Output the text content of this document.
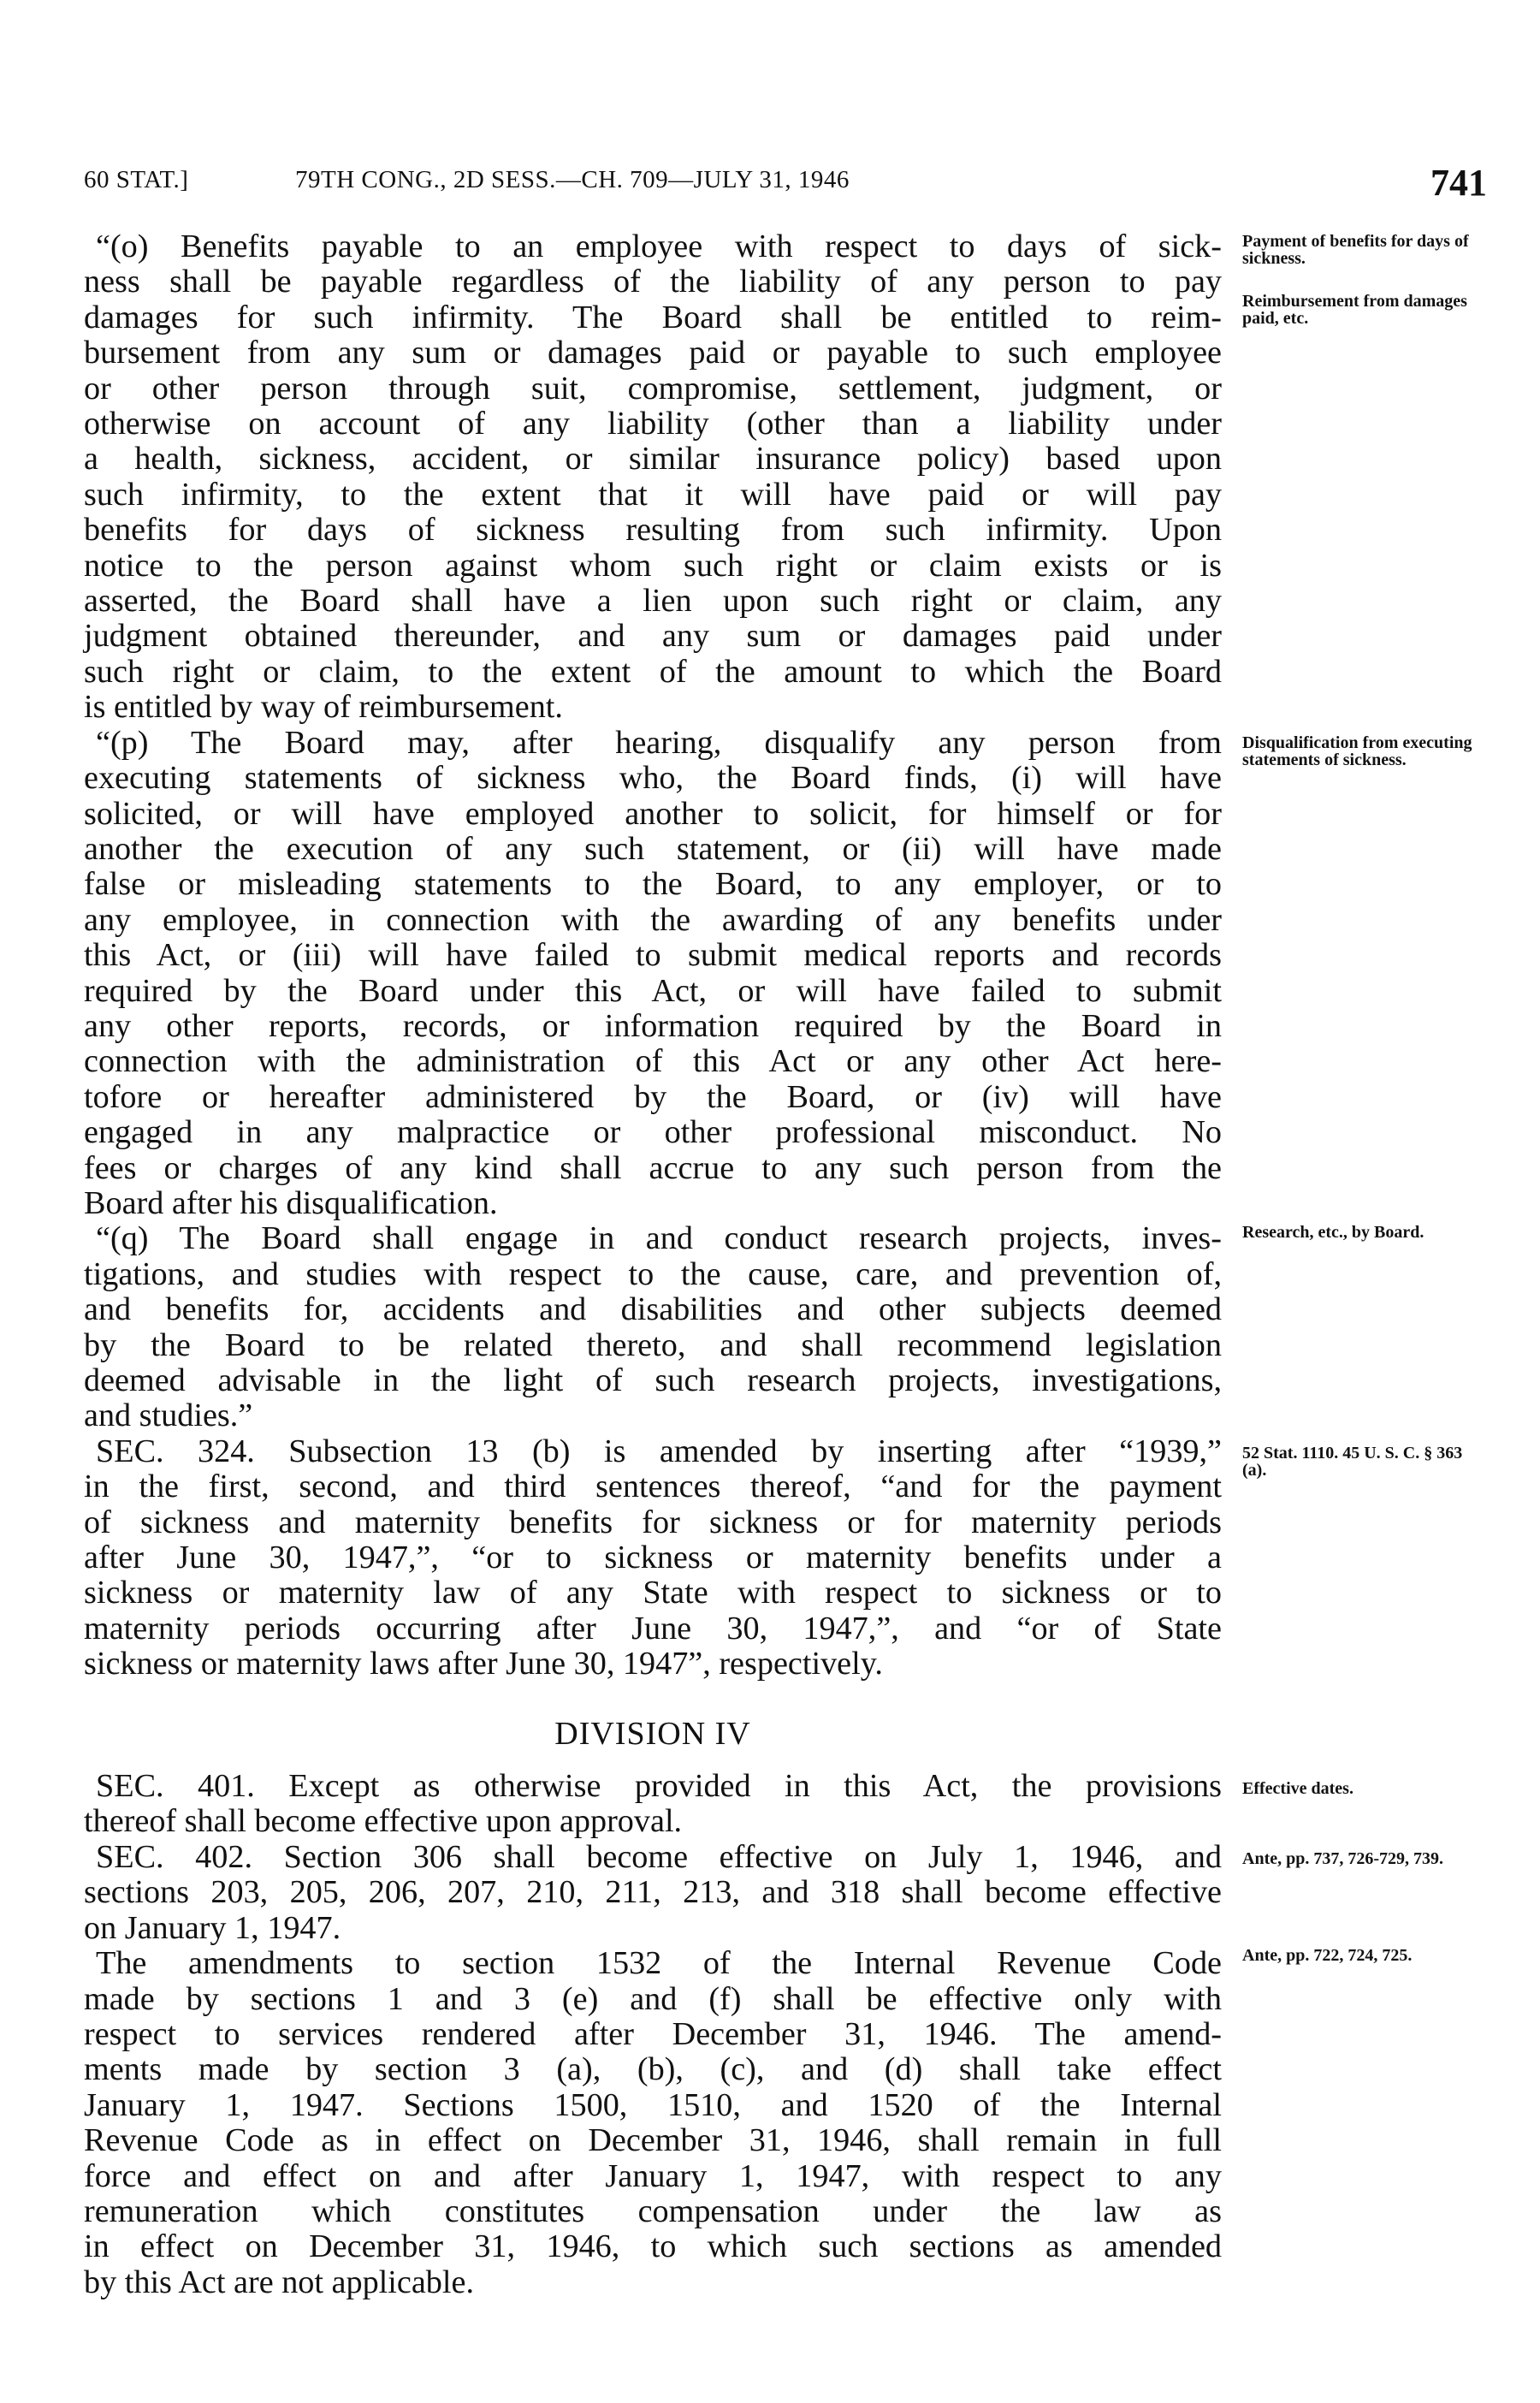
60 STAT.]	79TH CONG., 2D SESS.—CH. 709—JULY 31, 1946	741
“(o) Benefits payable to an employee with respect to days of sick-
ness shall be payable regardless of the liability of any person to pay
damages for such infirmity. The Board shall be entitled to reim-
bursement from any sum or damages paid or payable to such employee
or other person through suit, compromise, settlement, judgment, or
otherwise on account of any liability (other than a liability under
a health, sickness, accident, or similar insurance policy) based upon
such infirmity, to the extent that it will have paid or will pay
benefits for days of sickness resulting from such infirmity. Upon
notice to the person against whom such right or claim exists or is
asserted, the Board shall have a lien upon such right or claim, any
judgment obtained thereunder, and any sum or damages paid under
such right or claim, to the extent of the amount to which the Board
is entitled by way of reimbursement.
“(p) The Board may, after hearing, disqualify any person from
executing statements of sickness who, the Board finds, (i) will have
solicited, or will have employed another to solicit, for himself or for
another the execution of any such statement, or (ii) will have made
false or misleading statements to the Board, to any employer, or to
any employee, in connection with the awarding of any benefits under
this Act, or (iii) will have failed to submit medical reports and records
required by the Board under this Act, or will have failed to submit
any other reports, records, or information required by the Board in
connection with the administration of this Act or any other Act here-
tofore or hereafter administered by the Board, or (iv) will have
engaged in any malpractice or other professional misconduct. No
fees or charges of any kind shall accrue to any such person from the
Board after his disqualification.
“(q) The Board shall engage in and conduct research projects, inves-
tigations, and studies with respect to the cause, care, and prevention of,
and benefits for, accidents and disabilities and other subjects deemed
by the Board to be related thereto, and shall recommend legislation
deemed advisable in the light of such research projects, investigations,
and studies.”
SEC. 324. Subsection 13 (b) is amended by inserting after “1939,”
in the first, second, and third sentences thereof, “and for the payment
of sickness and maternity benefits for sickness or for maternity periods
after June 30, 1947,”, “or to sickness or maternity benefits under a
sickness or maternity law of any State with respect to sickness or to
maternity periods occurring after June 30, 1947,”, and “or of State
sickness or maternity laws after June 30, 1947”, respectively.
DIVISION IV
SEC. 401. Except as otherwise provided in this Act, the provisions
thereof shall become effective upon approval.
SEC. 402. Section 306 shall become effective on July 1, 1946, and
sections 203, 205, 206, 207, 210, 211, 213, and 318 shall become effective
on January 1, 1947.
The amendments to section 1532 of the Internal Revenue Code
made by sections 1 and 3 (e) and (f) shall be effective only with
respect to services rendered after December 31, 1946. The amend-
ments made by section 3 (a), (b), (c), and (d) shall take effect
January 1, 1947. Sections 1500, 1510, and 1520 of the Internal
Revenue Code as in effect on December 31, 1946, shall remain in full
force and effect on and after January 1, 1947, with respect to any
remuneration which constitutes compensation under the law as
in effect on December 31, 1946, to which such sections as amended
by this Act are not applicable.
Payment of benefits for days of sickness.
Reimbursement from damages paid, etc.
Disqualification from executing statements of sickness.
Research, etc., by Board.
52 Stat. 1110. 45 U. S. C. § 363 (a).
Effective dates.
Ante, pp. 737, 726-729, 739.
Ante, pp. 722, 724, 725.
